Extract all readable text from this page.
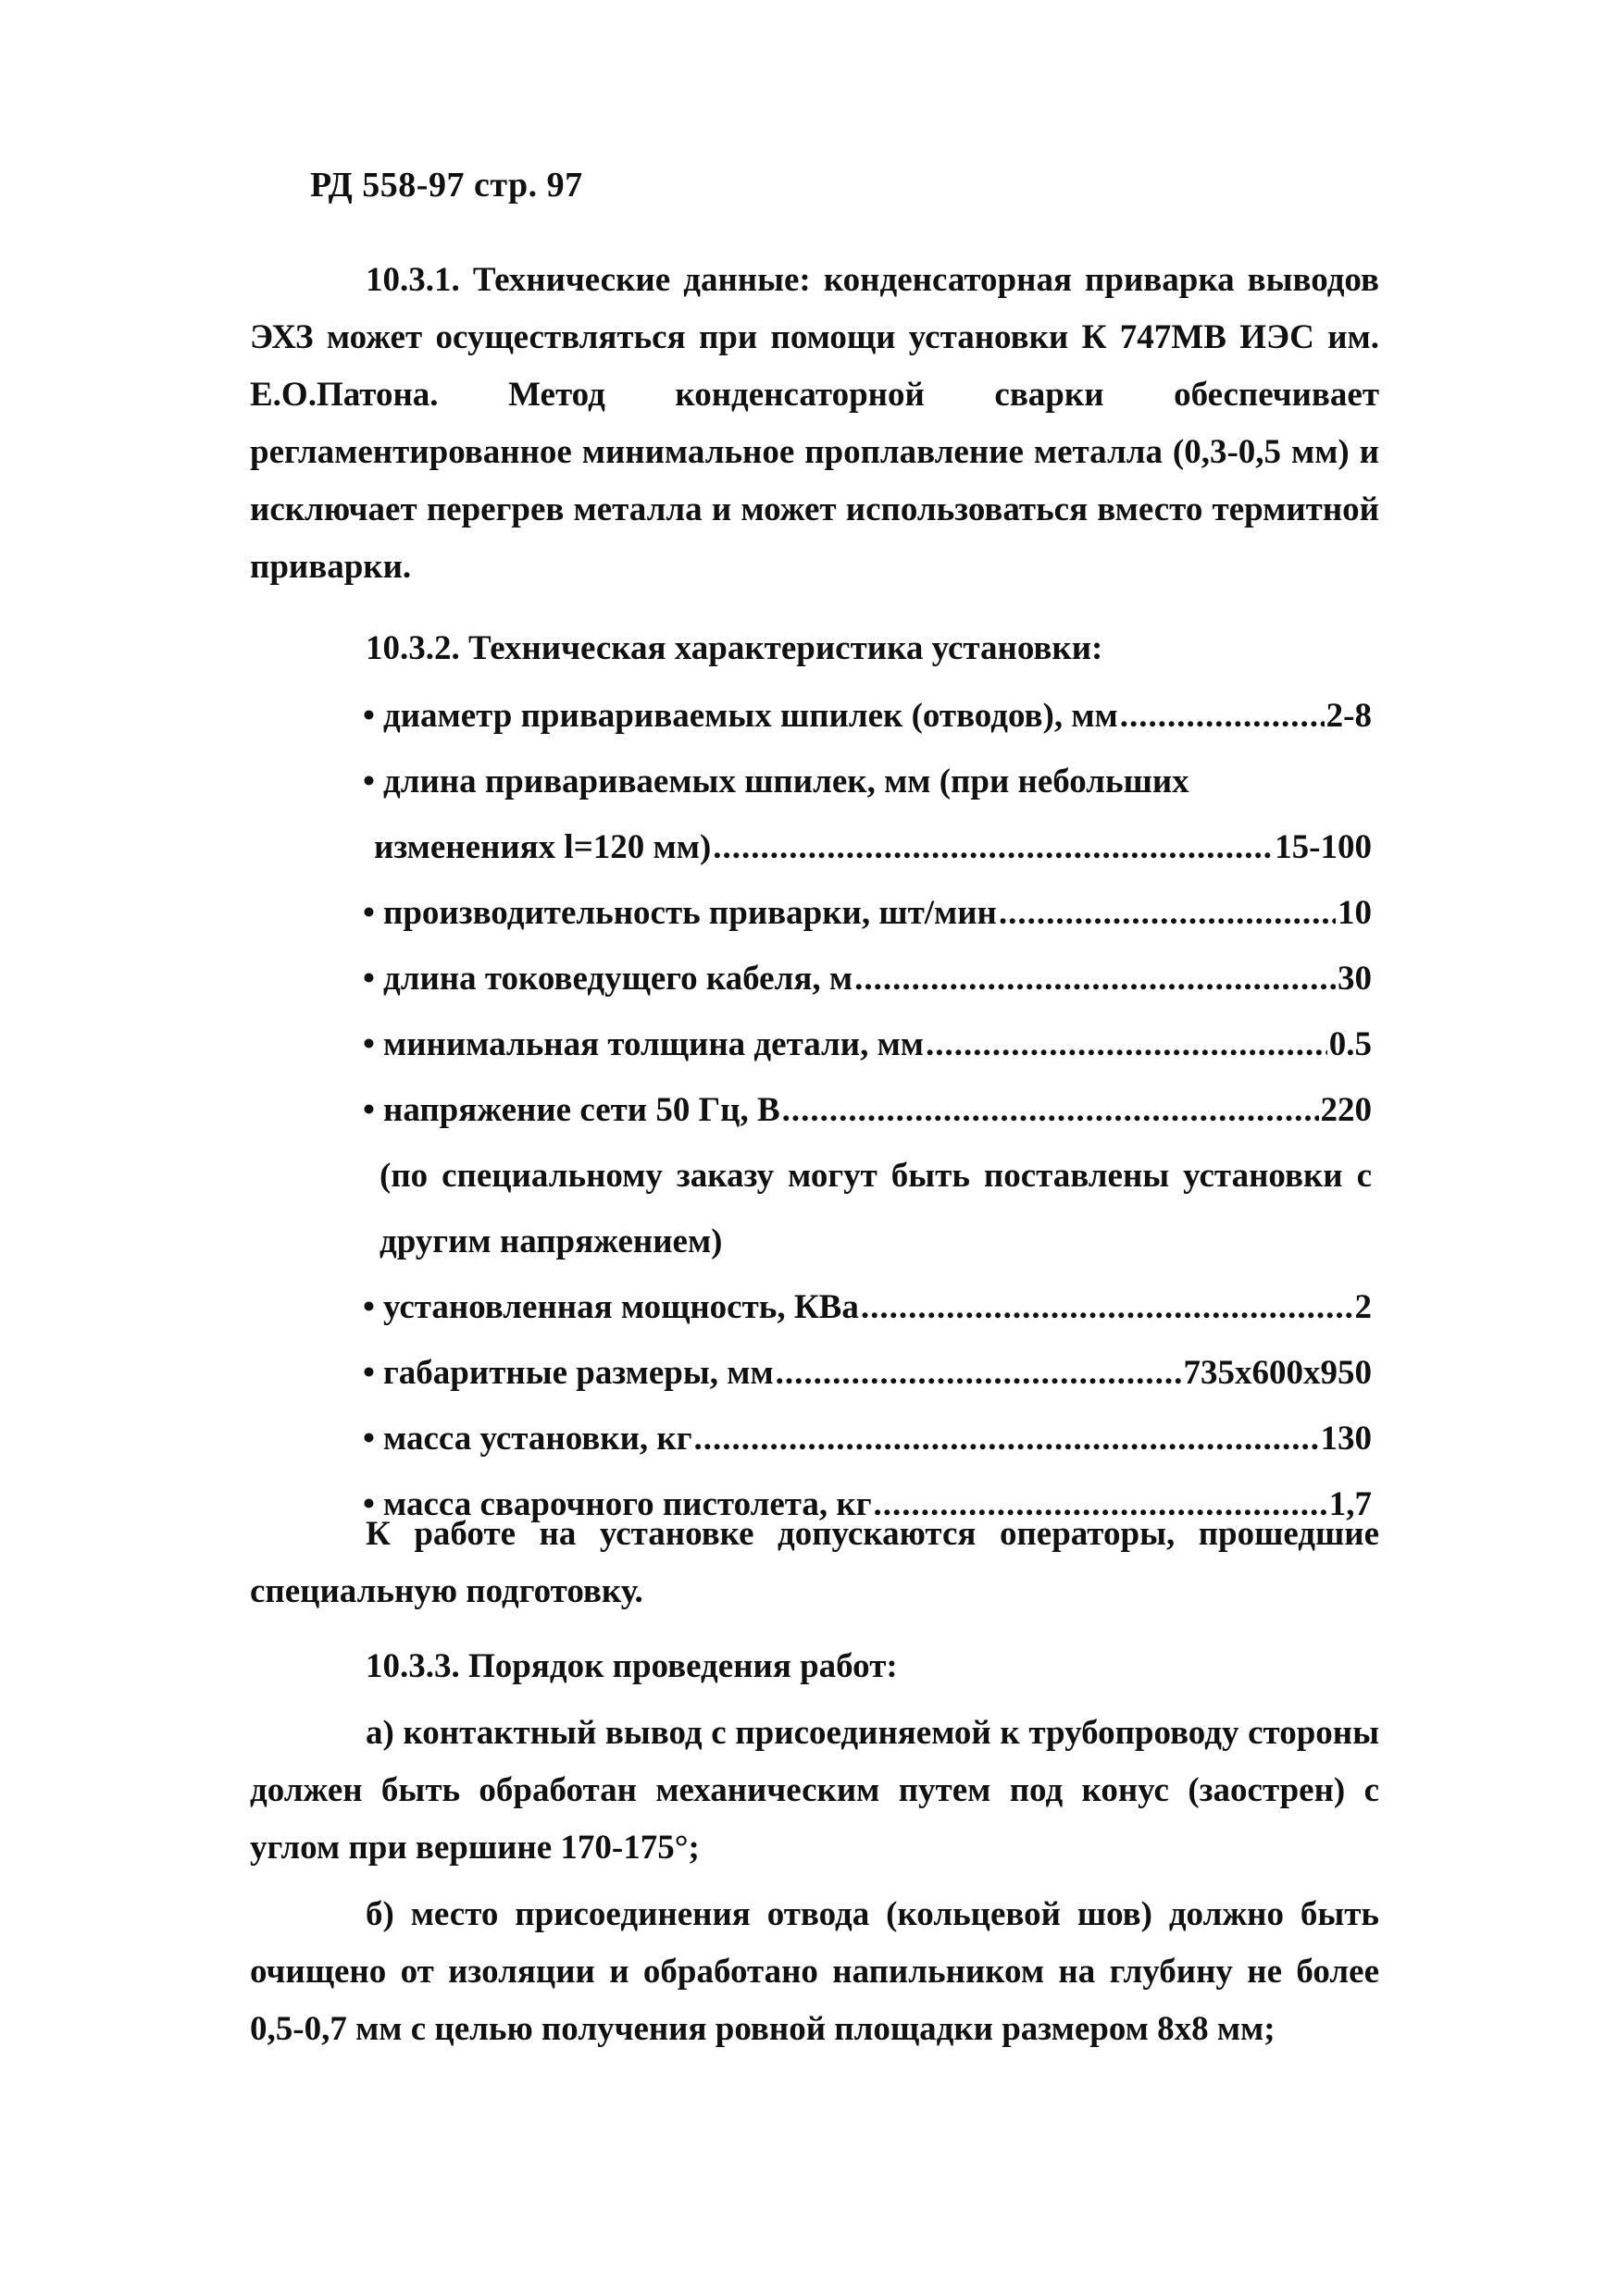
РД 558-97 стр. 97

10.3.1. Технические данные: конденсаторная приварка выводов ЭХЗ может осуществляться при помощи установки К 747МВ ИЭС им. Е.О.Патона. Метод конденсаторной сварки обеспечивает регламентированное минимальное проплавление металла (0,3-0,5 мм) и исключает перегрев металла и может использоваться вместо термитной приварки.

10.3.2. Техническая характеристика установки:

• диаметр привариваемых шпилек (отводов), мм .....	2-8
• длина привариваемых шпилек, мм (при небольших
изменениях l=120 мм) .....	15-100
• производительность приварки, шт/мин .....	10
• длина токоведущего кабеля, м .....	30
• минимальная толщина детали, мм .....	0.5
• напряжение сети 50 Гц, В .....	220
(по специальному заказу могут быть поставлены установки с другим напряжением)
• установленная мощность, КВа .....	2
• габаритные размеры, мм .....	735х600х950
• масса установки, кг .....	130
• масса сварочного пистолета, кг .....	1,7

К работе на установке допускаются операторы, прошедшие специальную подготовку.

10.3.3. Порядок проведения работ:

а) контактный вывод с присоединяемой к трубопроводу стороны должен быть обработан механическим путем под конус (заострен) с углом при вершине 170-175°;

б) место присоединения отвода (кольцевой шов) должно быть очищено от изоляции и обработано напильником на глубину не более 0,5-0,7 мм с целью получения ровной площадки размером 8х8 мм;
